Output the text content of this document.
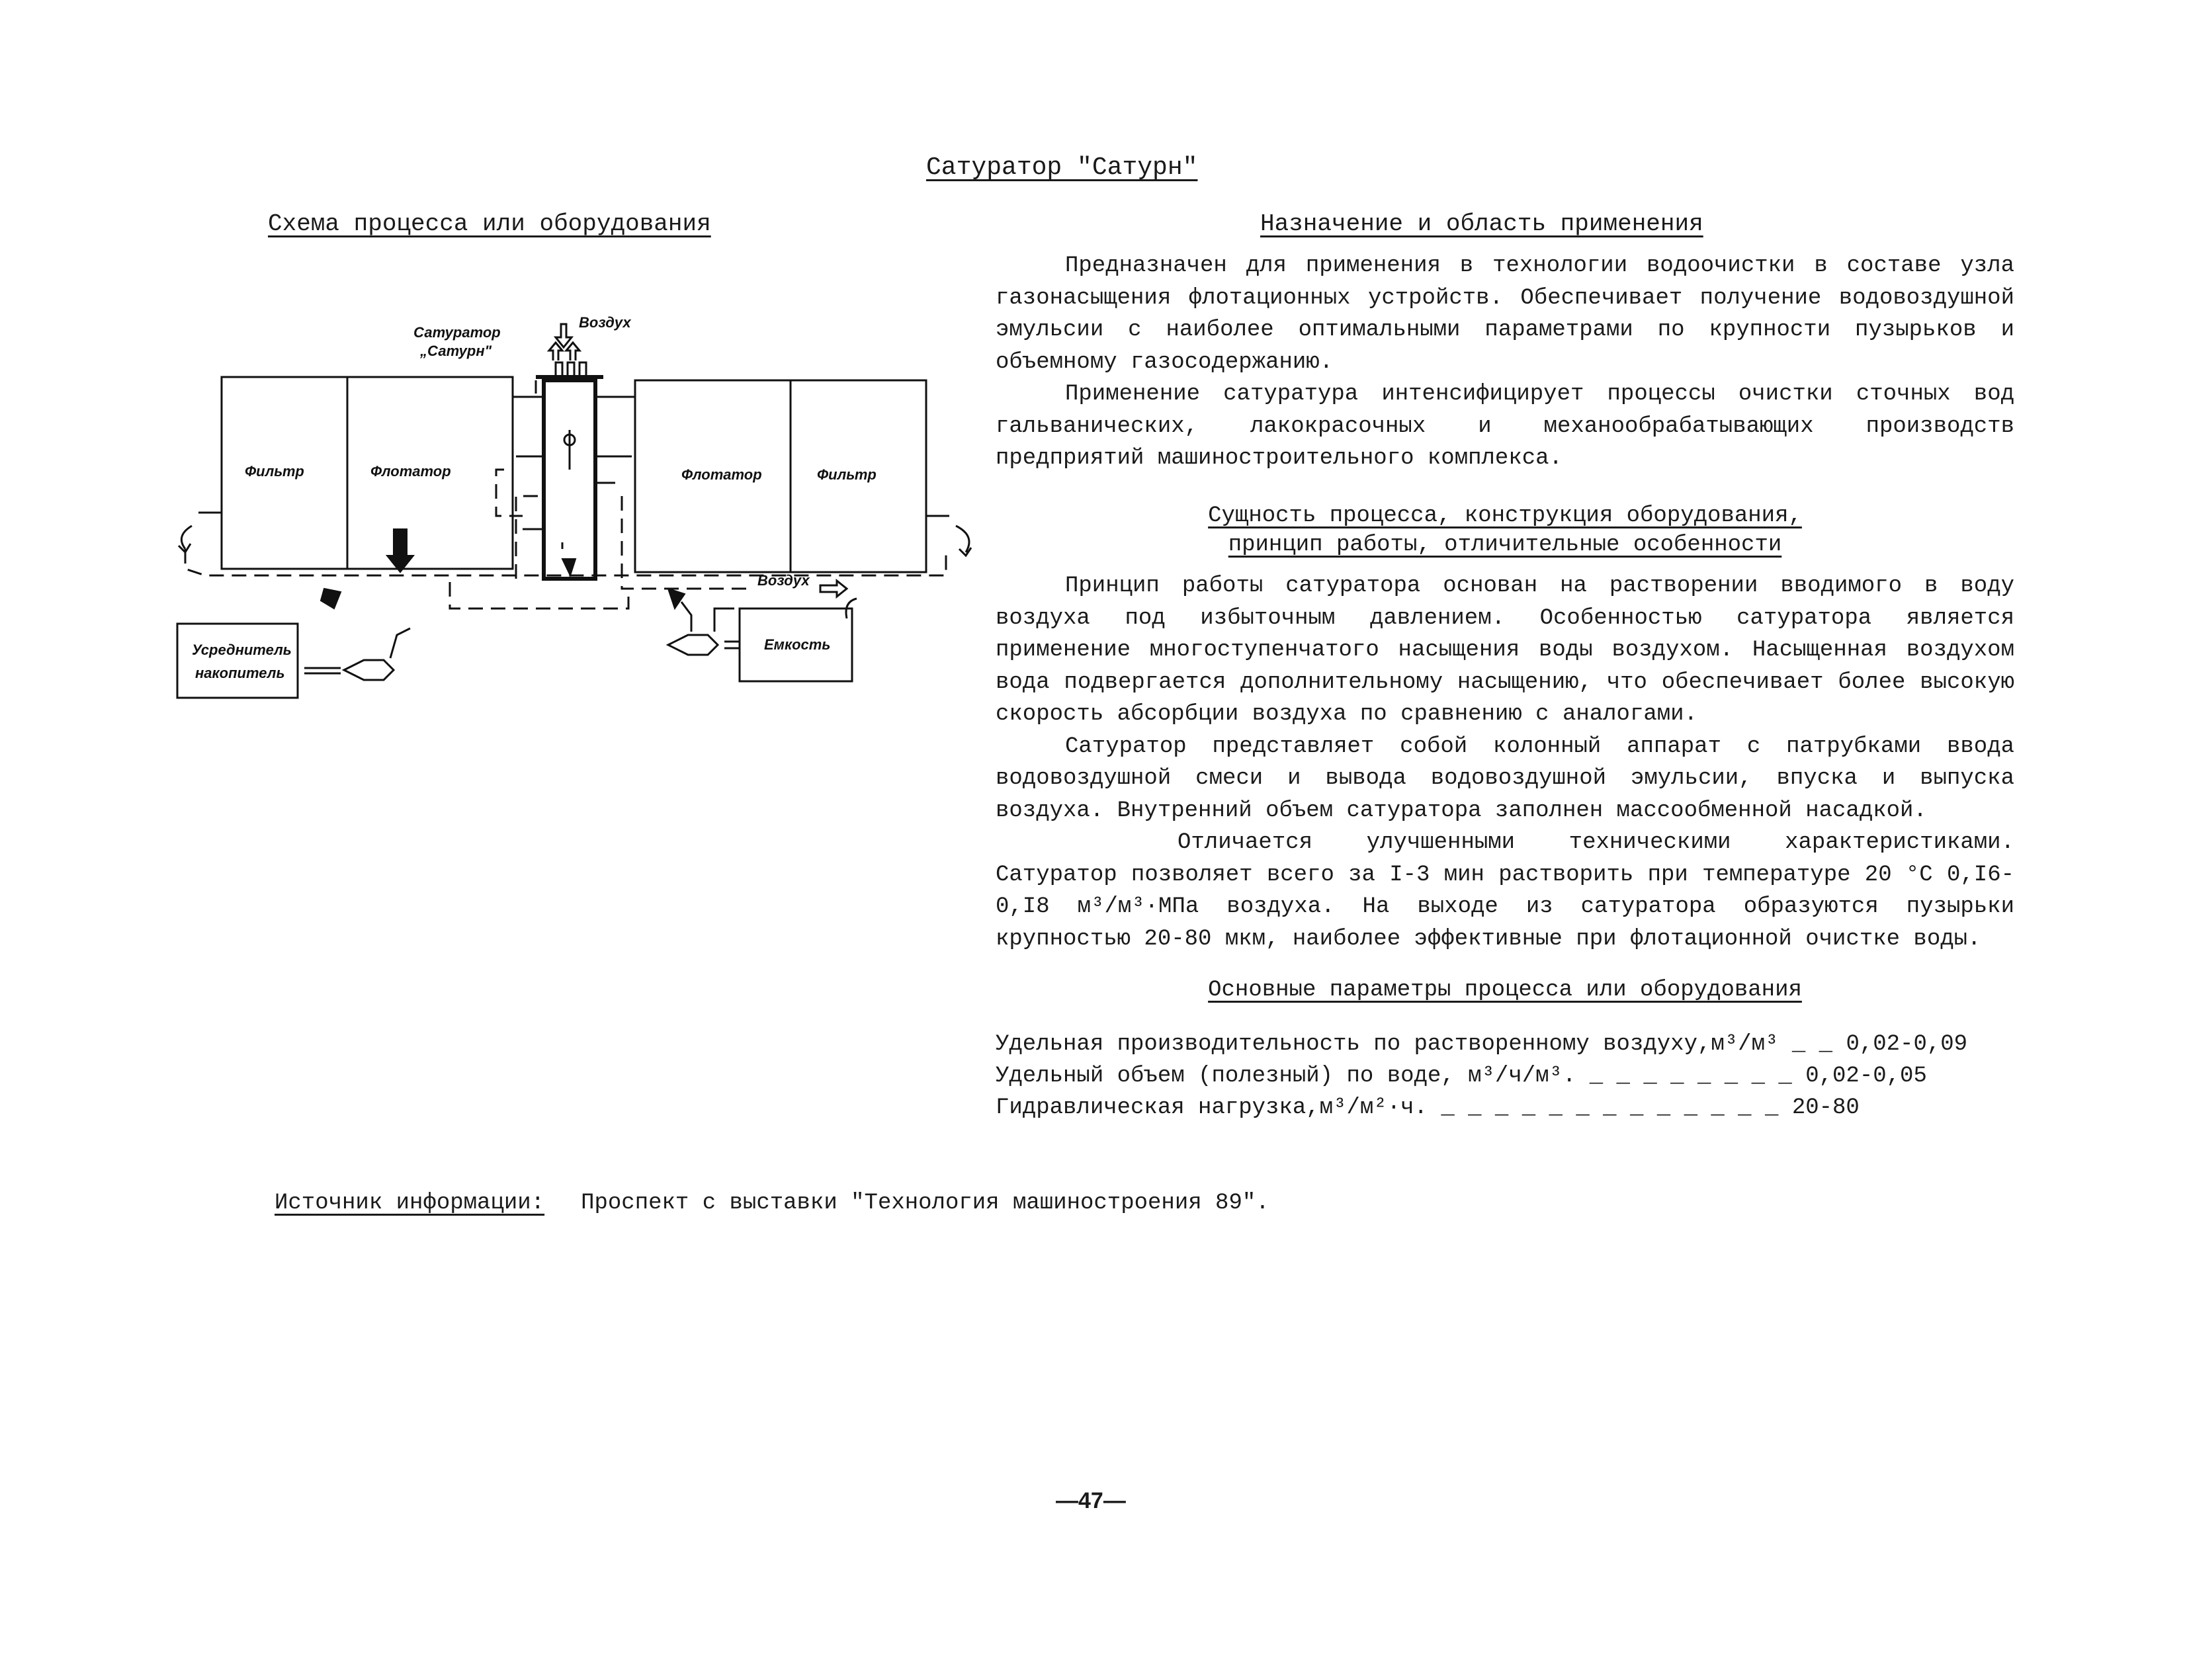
Сатуратор "Сатурн"
Схема процесса или оборудования	Назначение и область применения
Фильтр	Флотатор	Флотатор	Фильтр
Сатуратор
„Сатурн"
Воздух
Воздух
Усреднитель
накопитель
Емкость

Предназначен для применения в технологии водоочистки в составе узла газонасыщения флотационных устройств. Обеспечивает получение водовоздушной эмульсии с наиболее оптимальными параметрами по крупности пузырьков и объемному газосодержанию.

Применение сатуратура интенсифицирует процессы очистки сточных вод гальванических, лакокрасочных и механообрабатывающих производств предприятий машиностроительного комплекса.

Сущность процесса, конструкция оборудования,
принцип работы, отличительные особенности

Принцип работы сатуратора основан на растворении вводимого в воду воздуха под избыточным давлением. Особенностью сатуратора является применение многоступенчатого насыщения воды воздухом. Насыщенная воздухом вода подвергается дополнительному насыщению, что обеспечивает более высокую скорость абсорбции воздуха по сравнению с аналогами.

Сатуратор представляет собой колонный аппарат с патрубками ввода водовоздушной смеси и вывода водовоздушной эмульсии, впуска и выпуска воздуха. Внутренний объем сатуратора заполнен массообменной насадкой.

Отличается улучшенными техническими характеристиками. Сатуратор позволяет всего за I-3 мин растворить при температуре 20 °С 0,I6-0,I8 м³/м³·МПа воздуха. На выходе из сатуратора образуются пузырьки крупностью 20-80 мкм, наиболее эффективные при флотационной очистке воды.

Основные параметры процесса или оборудования
Удельная производительность по растворенному воздуху,м³/м³ _ _ 0,02-0,09
Удельный объем (полезный) по воде, м³/ч/м³. _ _ _ _ _ _ _ _ 0,02-0,05
Гидравлическая нагрузка,м³/м²·ч. _ _ _ _ _ _ _ _ _ _ _ _ _ 20-80
Источник информации: Проспект с выставки "Технология машиностроения 89".
—47—
